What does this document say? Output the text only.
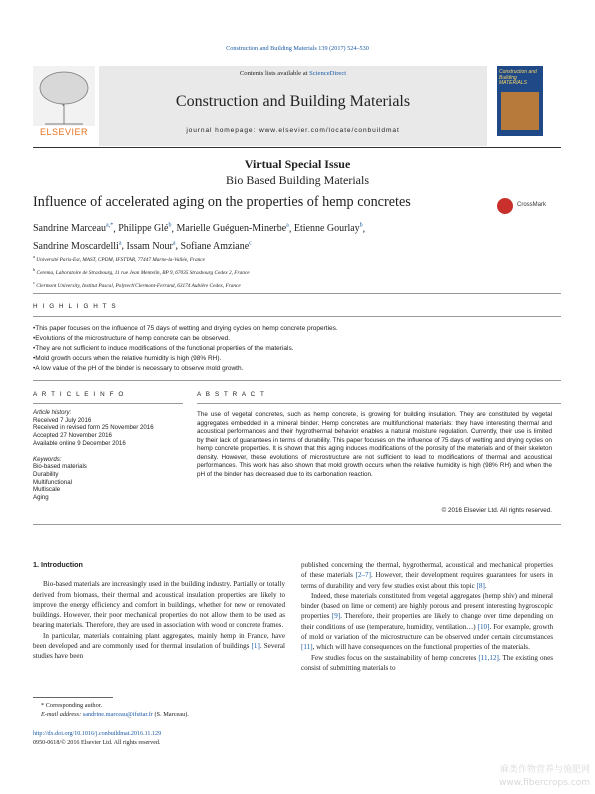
Construction and Building Materials 139 (2017) 524–530
ELSEVIER
Contents lists available at ScienceDirect
Construction and Building Materials
journal homepage: www.elsevier.com/locate/conbuildmat
Construction and Building MATERIALS
Virtual Special Issue
Bio Based Building Materials
Influence of accelerated aging on the properties of hemp concretes	CrossMark
Sandrine Marceau$^{a,*}$, Philippe Glé$^b$, Marielle Guéguen-Minerbe$^a$, Etienne Gourlay$^b$,
Sandrine Moscardelli$^a$, Issam Nour$^a$, Sofiane Amziane$^c$
$^a$ Université Paris-Est, MAST, CPDM, IFSTTAR, 77447 Marne-la-Vallée, France
$^b$ Cerema, Laboratoire de Strasbourg, 11 rue Jean Mentelin, BP 9, 67035 Strasbourg Cedex 2, France
$^c$ Clermont University, Institut Pascal, Polytech'Clermont-Ferrand, 63174 Aubière Cedex, France
H I G H L I G H T S
• This paper focuses on the influence of 75 days of wetting and drying cycles on hemp concrete properties.
• Evolutions of the microstructure of hemp concrete can be observed.
• They are not sufficient to induce modifications of the functional properties of the materials.
• Mold growth occurs when the relative humidity is high (98% RH).
• A low value of the pH of the binder is necessary to observe mold growth.
A R T I C L E I N F O	A B S T R A C T
Article history:
Received 7 July 2016
Received in revised form 25 November 2016
Accepted 27 November 2016
Available online 9 December 2016
Keywords:
Bio-based materials
Durability
Multifunctional
Multiscale
Aging
The use of vegetal concretes, such as hemp concrete, is growing for building insulation. They are constituted by vegetal aggregates embedded in a mineral binder. Hemp concretes are multifunctional materials: they have interesting thermal and acoustical performances and their hygrothermal behavior enables a natural moisture regulation. Currently, their use is limited by their lack of guarantees in terms of durability. This paper focuses on the influence of 75 days of wetting and drying cycles on hemp concrete properties. It is shown that this aging induces modifications of the porosity of the materials and of their skeleton density. However, these evolutions of microstructure are not sufficient to lead to modifications of thermal and acoustical performances. This work has also shown that mold growth occurs when the relative humidity is high (98% RH) and when the pH of the binder has decreased due to its carbonation reaction.
© 2016 Elsevier Ltd. All rights reserved.

1. Introduction

Bio-based materials are increasingly used in the building industry. Partially or totally derived from biomass, their thermal and acoustical insulation properties are likely to improve the energy efficiency and comfort in buildings, whether for new or renovated buildings. However, their poor mechanical properties do not allow them to be used as bearing materials. Therefore, they are used in association with wood or concrete frames.

In particular, materials containing plant aggregates, mainly hemp in France, have been developed and are commonly used for thermal insulation of buildings [1]. Several studies have been

published concerning the thermal, hygrothermal, acoustical and mechanical properties of these materials [2–7]. However, their development requires guarantees for users in terms of durability and very few studies exist about this topic [8].

Indeed, these materials constituted from vegetal aggregates (hemp shiv) and mineral binder (based on lime or cement) are highly porous and present interesting hygroscopic properties [9]. Therefore, their properties are likely to change over time depending on their conditions of use (temperature, humidity, ventilation…) [10]. For example, growth of mold or variation of the microstructure can be observed under certain circumstances [11], which will have consequences on the functional properties of the materials.

Few studies focus on the sustainability of hemp concretes [11,12]. The existing ones consist of submitting materials to

* Corresponding author.
E-mail address: sandrine.marceau@ifsttar.fr (S. Marceau).
http://dx.doi.org/10.1016/j.conbuildmat.2016.11.129
0950-0618/© 2016 Elsevier Ltd. All rights reserved.
麻类作物营养与施肥网
www.fibercrops.com
